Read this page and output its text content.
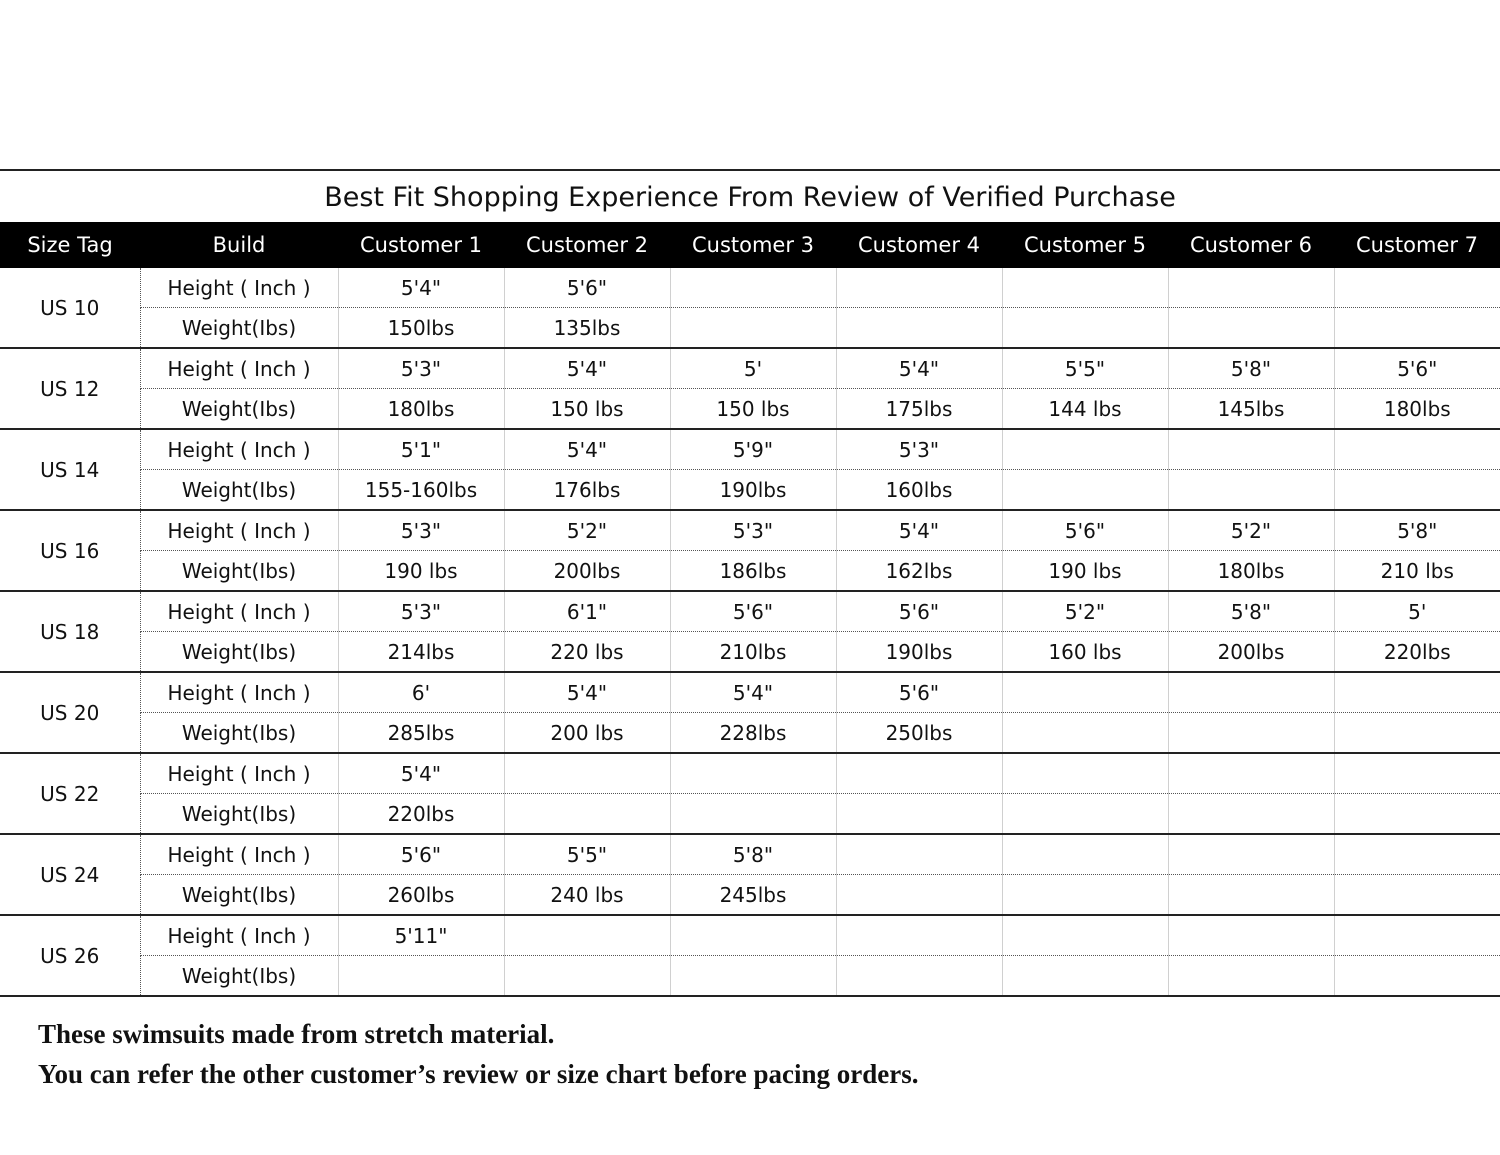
Best Fit Shopping Experience From Review of Verified Purchase								
Size Tag	Build	Customer 1	Customer 2	Customer 3	Customer 4	Customer 5	Customer 6	Customer 7
US 10	Height ( Inch )	5'4"	5'6"					
	Weight(Ibs)	150lbs	135lbs					
US 12	Height ( Inch )	5'3"	5'4"	5'	5'4"	5'5"	5'8"	5'6"
	Weight(Ibs)	180lbs	150 lbs	150 lbs	175lbs	144 lbs	145lbs	180lbs
US 14	Height ( Inch )	5'1"	5'4"	5'9"	5'3"			
	Weight(Ibs)	155-160lbs	176lbs	190lbs	160lbs			
US 16	Height ( Inch )	5'3"	5'2"	5'3"	5'4"	5'6"	5'2"	5'8"
	Weight(Ibs)	190 lbs	200lbs	186lbs	162lbs	190 lbs	180lbs	210 lbs
US 18	Height ( Inch )	5'3"	6'1"	5'6"	5'6"	5'2"	5'8"	5'
	Weight(Ibs)	214lbs	220 lbs	210lbs	190lbs	160 lbs	200lbs	220lbs
US 20	Height ( Inch )	6'	5'4"	5'4"	5'6"			
	Weight(Ibs)	285lbs	200 lbs	228lbs	250lbs			
US 22	Height ( Inch )	5'4"						
	Weight(Ibs)	220lbs						
US 24	Height ( Inch )	5'6"	5'5"	5'8"				
	Weight(Ibs)	260lbs	240 lbs	245lbs				
US 26	Height ( Inch )	5'11"						
	Weight(Ibs)							
These swimsuits made from stretch material.
You can refer the other customer’s review or size chart before pacing orders.
